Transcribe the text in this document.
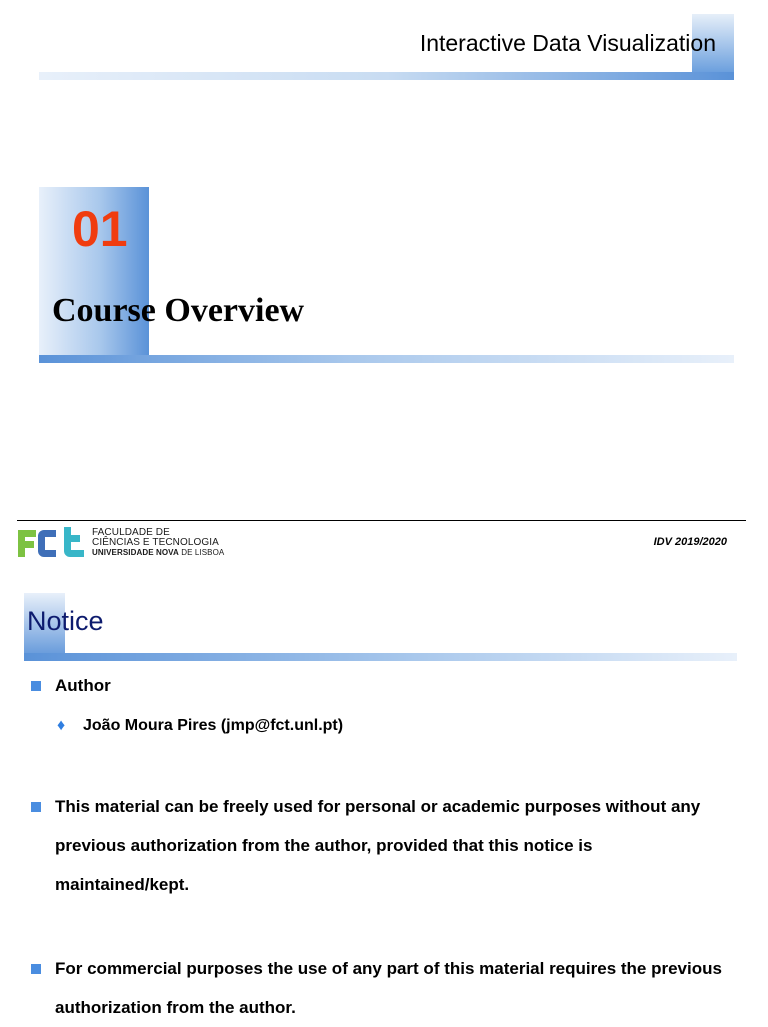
Interactive Data Visualization
01
Course Overview
FACULDADE DE
CIÊNCIAS E TECNOLOGIA
UNIVERSIDADE NOVA DE LISBOA
IDV 2019/2020
Notice
Author
♦ João Moura Pires (jmp@fct.unl.pt)
This material can be freely used for personal or academic purposes without any previous authorization from the author, provided that this notice is maintained/kept.
For commercial purposes the use of any part of this material requires the previous authorization from the author.
